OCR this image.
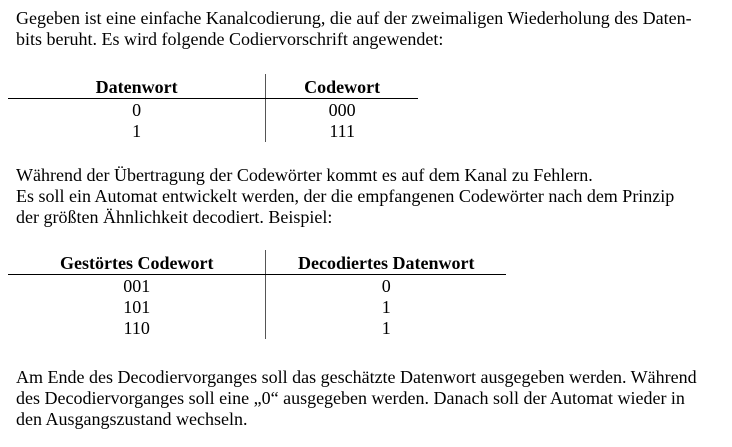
Gegeben ist eine einfache Kanalcodierung, die auf der zweimaligen Wiederholung des Daten-
bits beruht. Es wird folgende Codiervorschrift angewendet:
Datenwort	Codewort
0	000
1	111
Während der Übertragung der Codewörter kommt es auf dem Kanal zu Fehlern.
Es soll ein Automat entwickelt werden, der die empfangenen Codewörter nach dem Prinzip
der größten Ähnlichkeit decodiert. Beispiel:
Gestörtes Codewort	Decodiertes Datenwort
001	0
101	1
110	1
Am Ende des Decodiervorganges soll das geschätzte Datenwort ausgegeben werden. Während
des Decodiervorganges soll eine „0“ ausgegeben werden. Danach soll der Automat wieder in
den Ausgangszustand wechseln.
